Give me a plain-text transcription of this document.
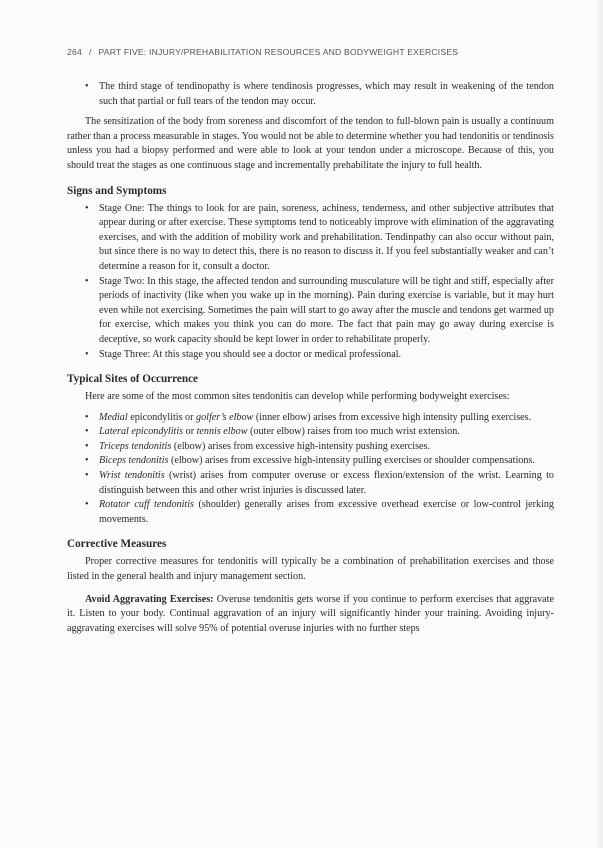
264 / PART FIVE: INJURY/PREHABILITATION RESOURCES AND BODYWEIGHT EXERCISES
• The third stage of tendinopathy is where tendinosis progresses, which may result in weakening of the tendon such that partial or full tears of the tendon may occur.

The sensitization of the body from soreness and discomfort of the tendon to full-blown pain is usually a continuum rather than a process measurable in stages. You would not be able to determine whether you had tendonitis or tendinosis unless you had a biopsy performed and were able to look at your tendon under a microscope. Because of this, you should treat the stages as one continuous stage and incrementally prehabilitate the injury to full health.

Signs and Symptoms
• Stage One: The things to look for are pain, soreness, achiness, tenderness, and other subjective attributes that appear during or after exercise. These symptoms tend to noticeably improve with elimination of the aggravating exercises, and with the addition of mobility work and prehabilitation. Tendinpathy can also occur without pain, but since there is no way to detect this, there is no reason to discuss it. If you feel substantially weaker and can’t determine a reason for it, consult a doctor.
• Stage Two: In this stage, the affected tendon and surrounding musculature will be tight and stiff, especially after periods of inactivity (like when you wake up in the morning). Pain during exercise is variable, but it may hurt even while not exercising. Sometimes the pain will start to go away after the muscle and tendons get warmed up for exercise, which makes you think you can do more. The fact that pain may go away during exercise is deceptive, so work capacity should be kept lower in order to rehabilitate properly.
• Stage Three: At this stage you should see a doctor or medical professional.
Typical Sites of Occurrence

Here are some of the most common sites tendonitis can develop while performing bodyweight exercises:

• Medial epicondylitis or golfer’s elbow (inner elbow) arises from excessive high intensity pulling exercises.
• Lateral epicondylitis or tennis elbow (outer elbow) raises from too much wrist extension.
• Triceps tendonitis (elbow) arises from excessive high-intensity pushing exercises.
• Biceps tendonitis (elbow) arises from excessive high-intensity pulling exercises or shoulder compensations.
• Wrist tendonitis (wrist) arises from computer overuse or excess flexion/extension of the wrist. Learning to distinguish between this and other wrist injuries is discussed later.
• Rotator cuff tendonitis (shoulder) generally arises from excessive overhead exercise or low-control jerking movements.
Corrective Measures

Proper corrective measures for tendonitis will typically be a combination of prehabilitation exercises and those listed in the general health and injury management section.

Avoid Aggravating Exercises: Overuse tendonitis gets worse if you continue to perform exercises that aggravate it. Listen to your body. Continual aggravation of an injury will significantly hinder your training. Avoiding injury-aggravating exercises will solve 95% of potential overuse injuries with no further steps
